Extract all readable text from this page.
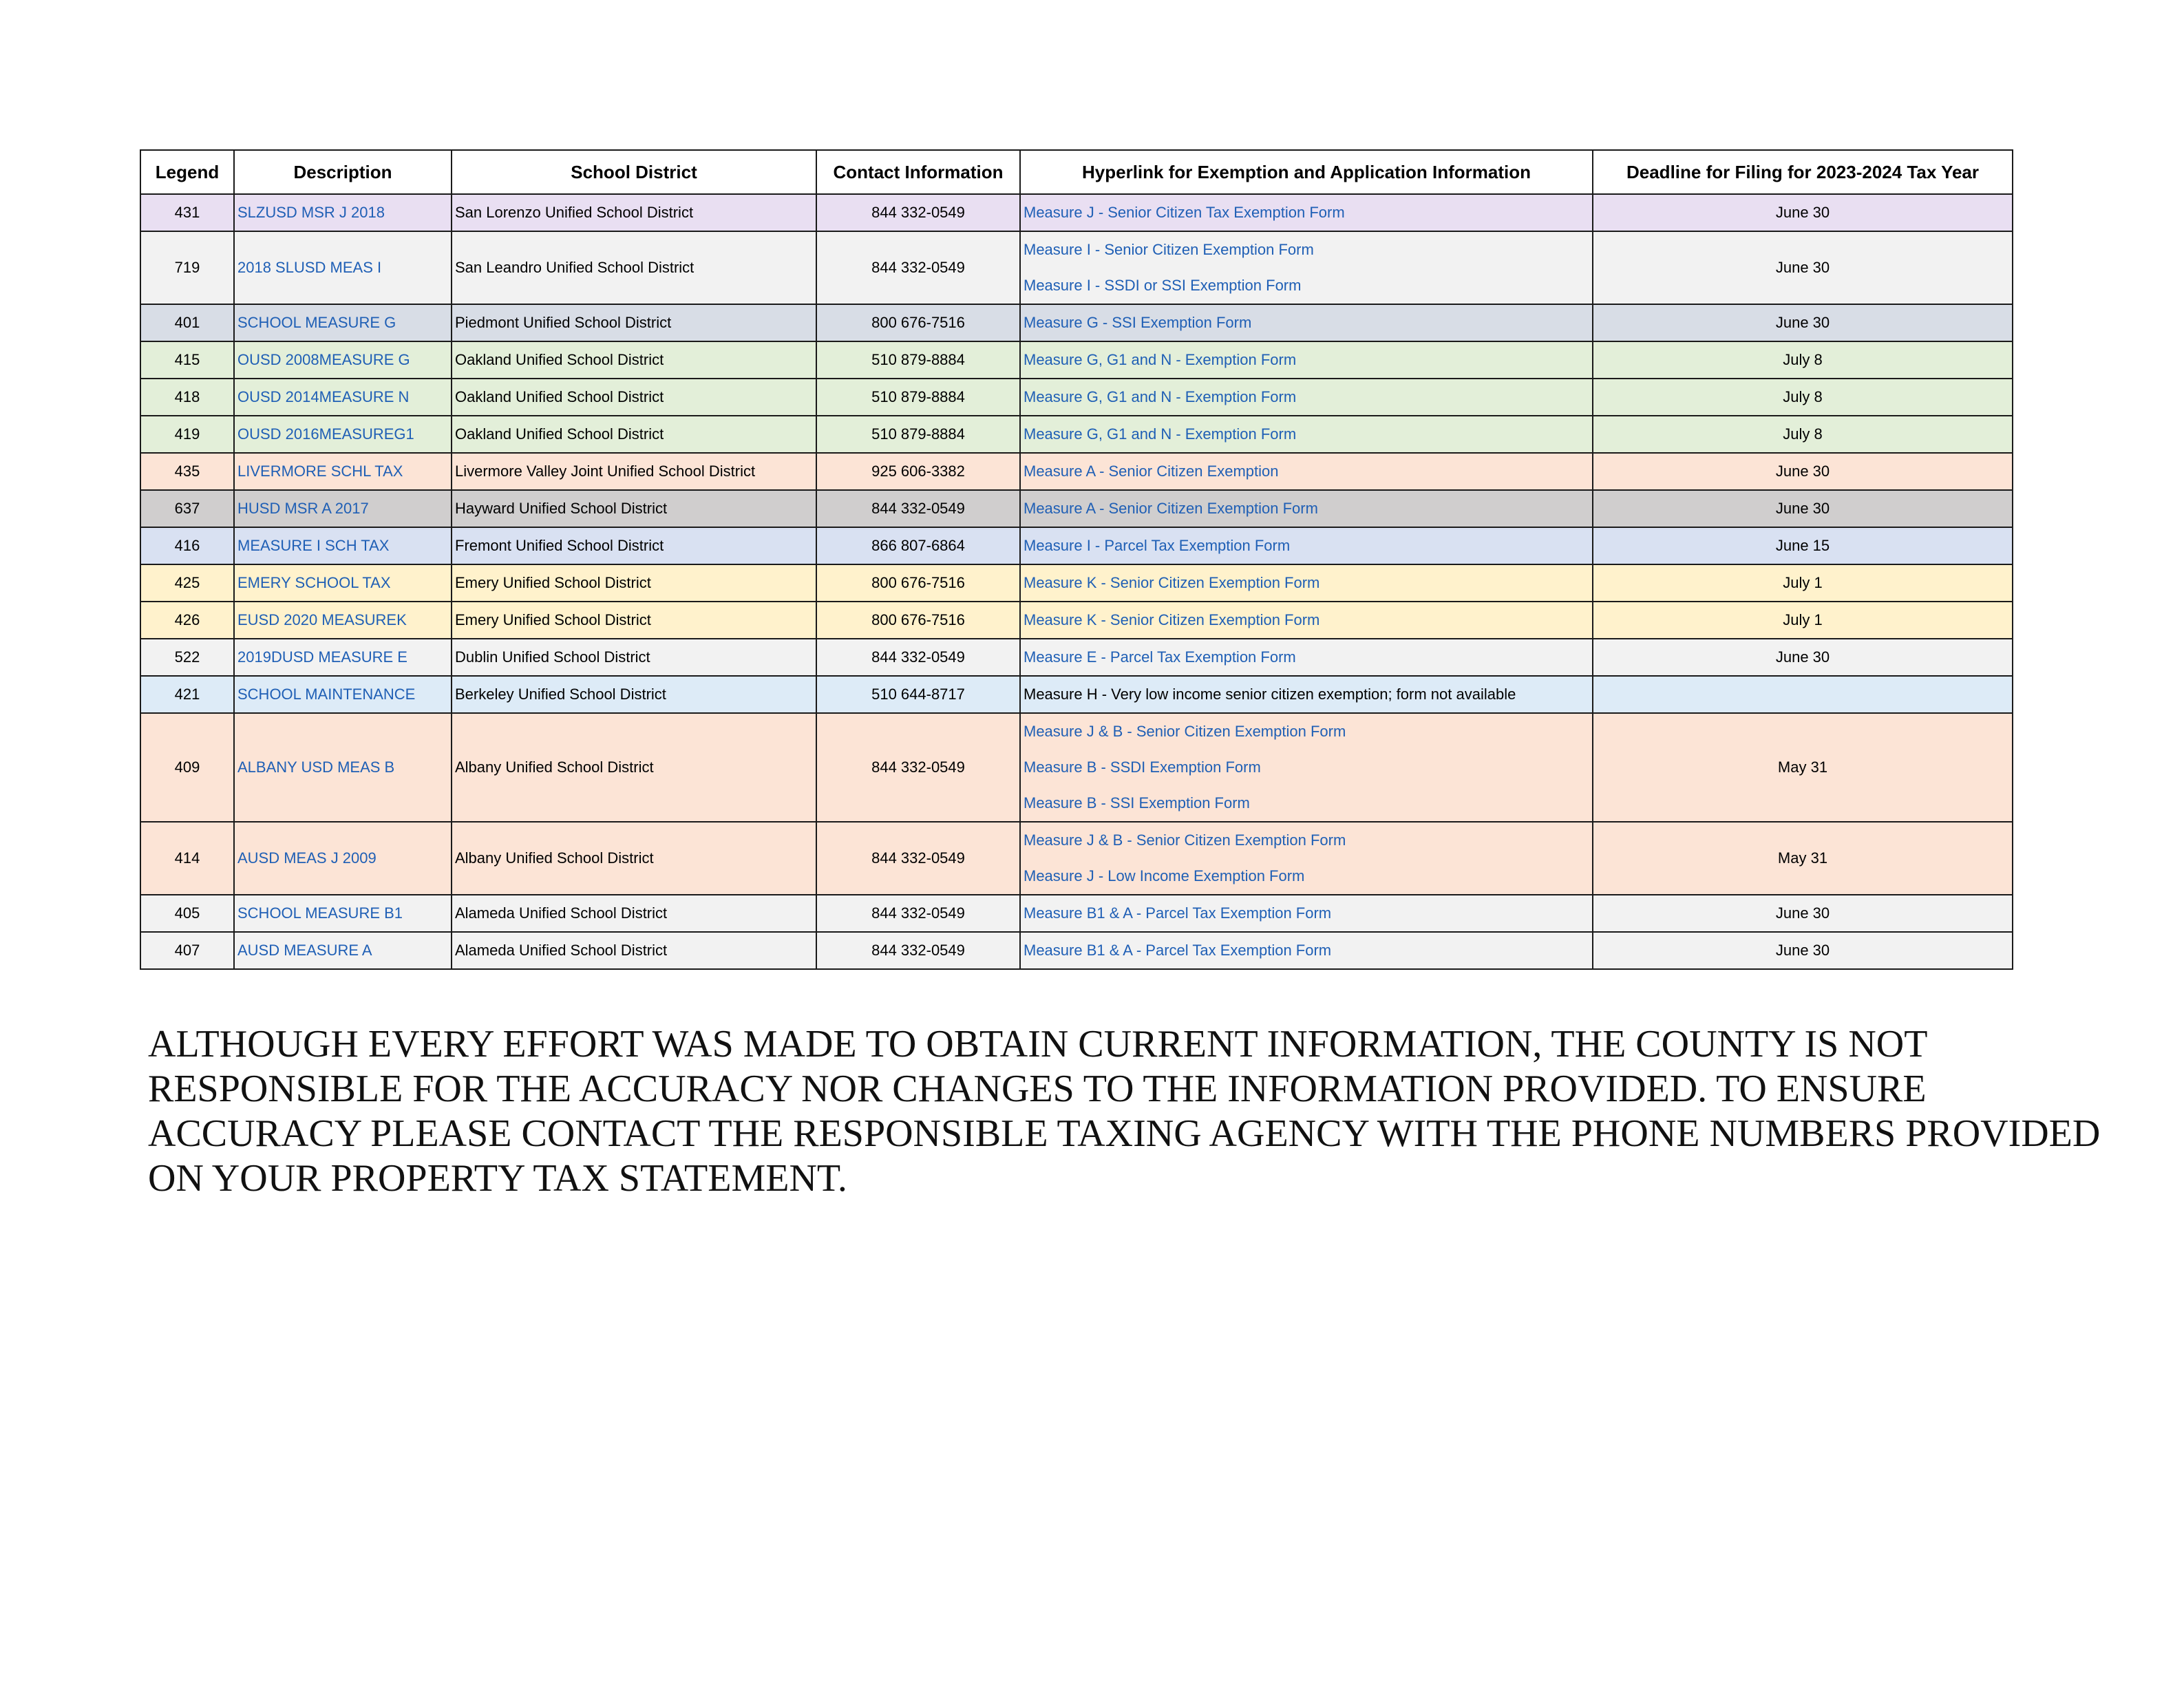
Legend	Description	School District	Contact Information	Hyperlink for Exemption and Application Information	Deadline for Filing for 2023-2024 Tax Year
431	SLZUSD MSR J 2018	San Lorenzo Unified School District	844 332-0549	Measure J - Senior Citizen Tax Exemption Form	June 30
719	2018 SLUSD MEAS I	San Leandro Unified School District	844 332-0549	Measure I - Senior Citizen Exemption Form
Measure I - SSDI or SSI Exemption Form	June 30
401	SCHOOL MEASURE G	Piedmont Unified School District	800 676-7516	Measure G - SSI Exemption Form	June 30
415	OUSD 2008MEASURE G	Oakland Unified School District	510 879-8884	Measure G, G1 and N - Exemption Form	July 8
418	OUSD 2014MEASURE N	Oakland Unified School District	510 879-8884	Measure G, G1 and N - Exemption Form	July 8
419	OUSD 2016MEASUREG1	Oakland Unified School District	510 879-8884	Measure G, G1 and N - Exemption Form	July 8
435	LIVERMORE SCHL TAX	Livermore Valley Joint Unified School District	925 606-3382	Measure A - Senior Citizen Exemption	June 30
637	HUSD MSR A 2017	Hayward Unified School District	844 332-0549	Measure A - Senior Citizen Exemption Form	June 30
416	MEASURE I SCH TAX	Fremont Unified School District	866 807-6864	Measure I - Parcel Tax Exemption Form	June 15
425	EMERY SCHOOL TAX	Emery Unified School District	800 676-7516	Measure K - Senior Citizen Exemption Form	July 1
426	EUSD 2020 MEASUREK	Emery Unified School District	800 676-7516	Measure K - Senior Citizen Exemption Form	July 1
522	2019DUSD MEASURE E	Dublin Unified School District	844 332-0549	Measure E - Parcel Tax Exemption Form	June 30
421	SCHOOL MAINTENANCE	Berkeley Unified School District	510 644-8717	Measure H - Very low income senior citizen exemption; form not available	

409	ALBANY USD MEAS B	Albany Unified School District	844 332-0549	Measure J & B - Senior Citizen Exemption Form
Measure B - SSDI Exemption Form
Measure B - SSI Exemption Form	May 31
414	AUSD MEAS J 2009	Albany Unified School District	844 332-0549	Measure J & B - Senior Citizen Exemption Form
Measure J - Low Income Exemption Form	May 31
405	SCHOOL MEASURE B1	Alameda Unified School District	844 332-0549	Measure B1 & A - Parcel Tax Exemption Form	June 30
407	AUSD MEASURE A	Alameda Unified School District	844 332-0549	Measure B1 & A - Parcel Tax Exemption Form	June 30

ALTHOUGH EVERY EFFORT WAS MADE TO OBTAIN CURRENT INFORMATION, THE COUNTY IS NOT RESPONSIBLE FOR THE ACCURACY NOR CHANGES TO THE INFORMATION PROVIDED. TO ENSURE ACCURACY PLEASE CONTACT THE RESPONSIBLE TAXING AGENCY WITH THE PHONE NUMBERS PROVIDED ON YOUR PROPERTY TAX STATEMENT.
